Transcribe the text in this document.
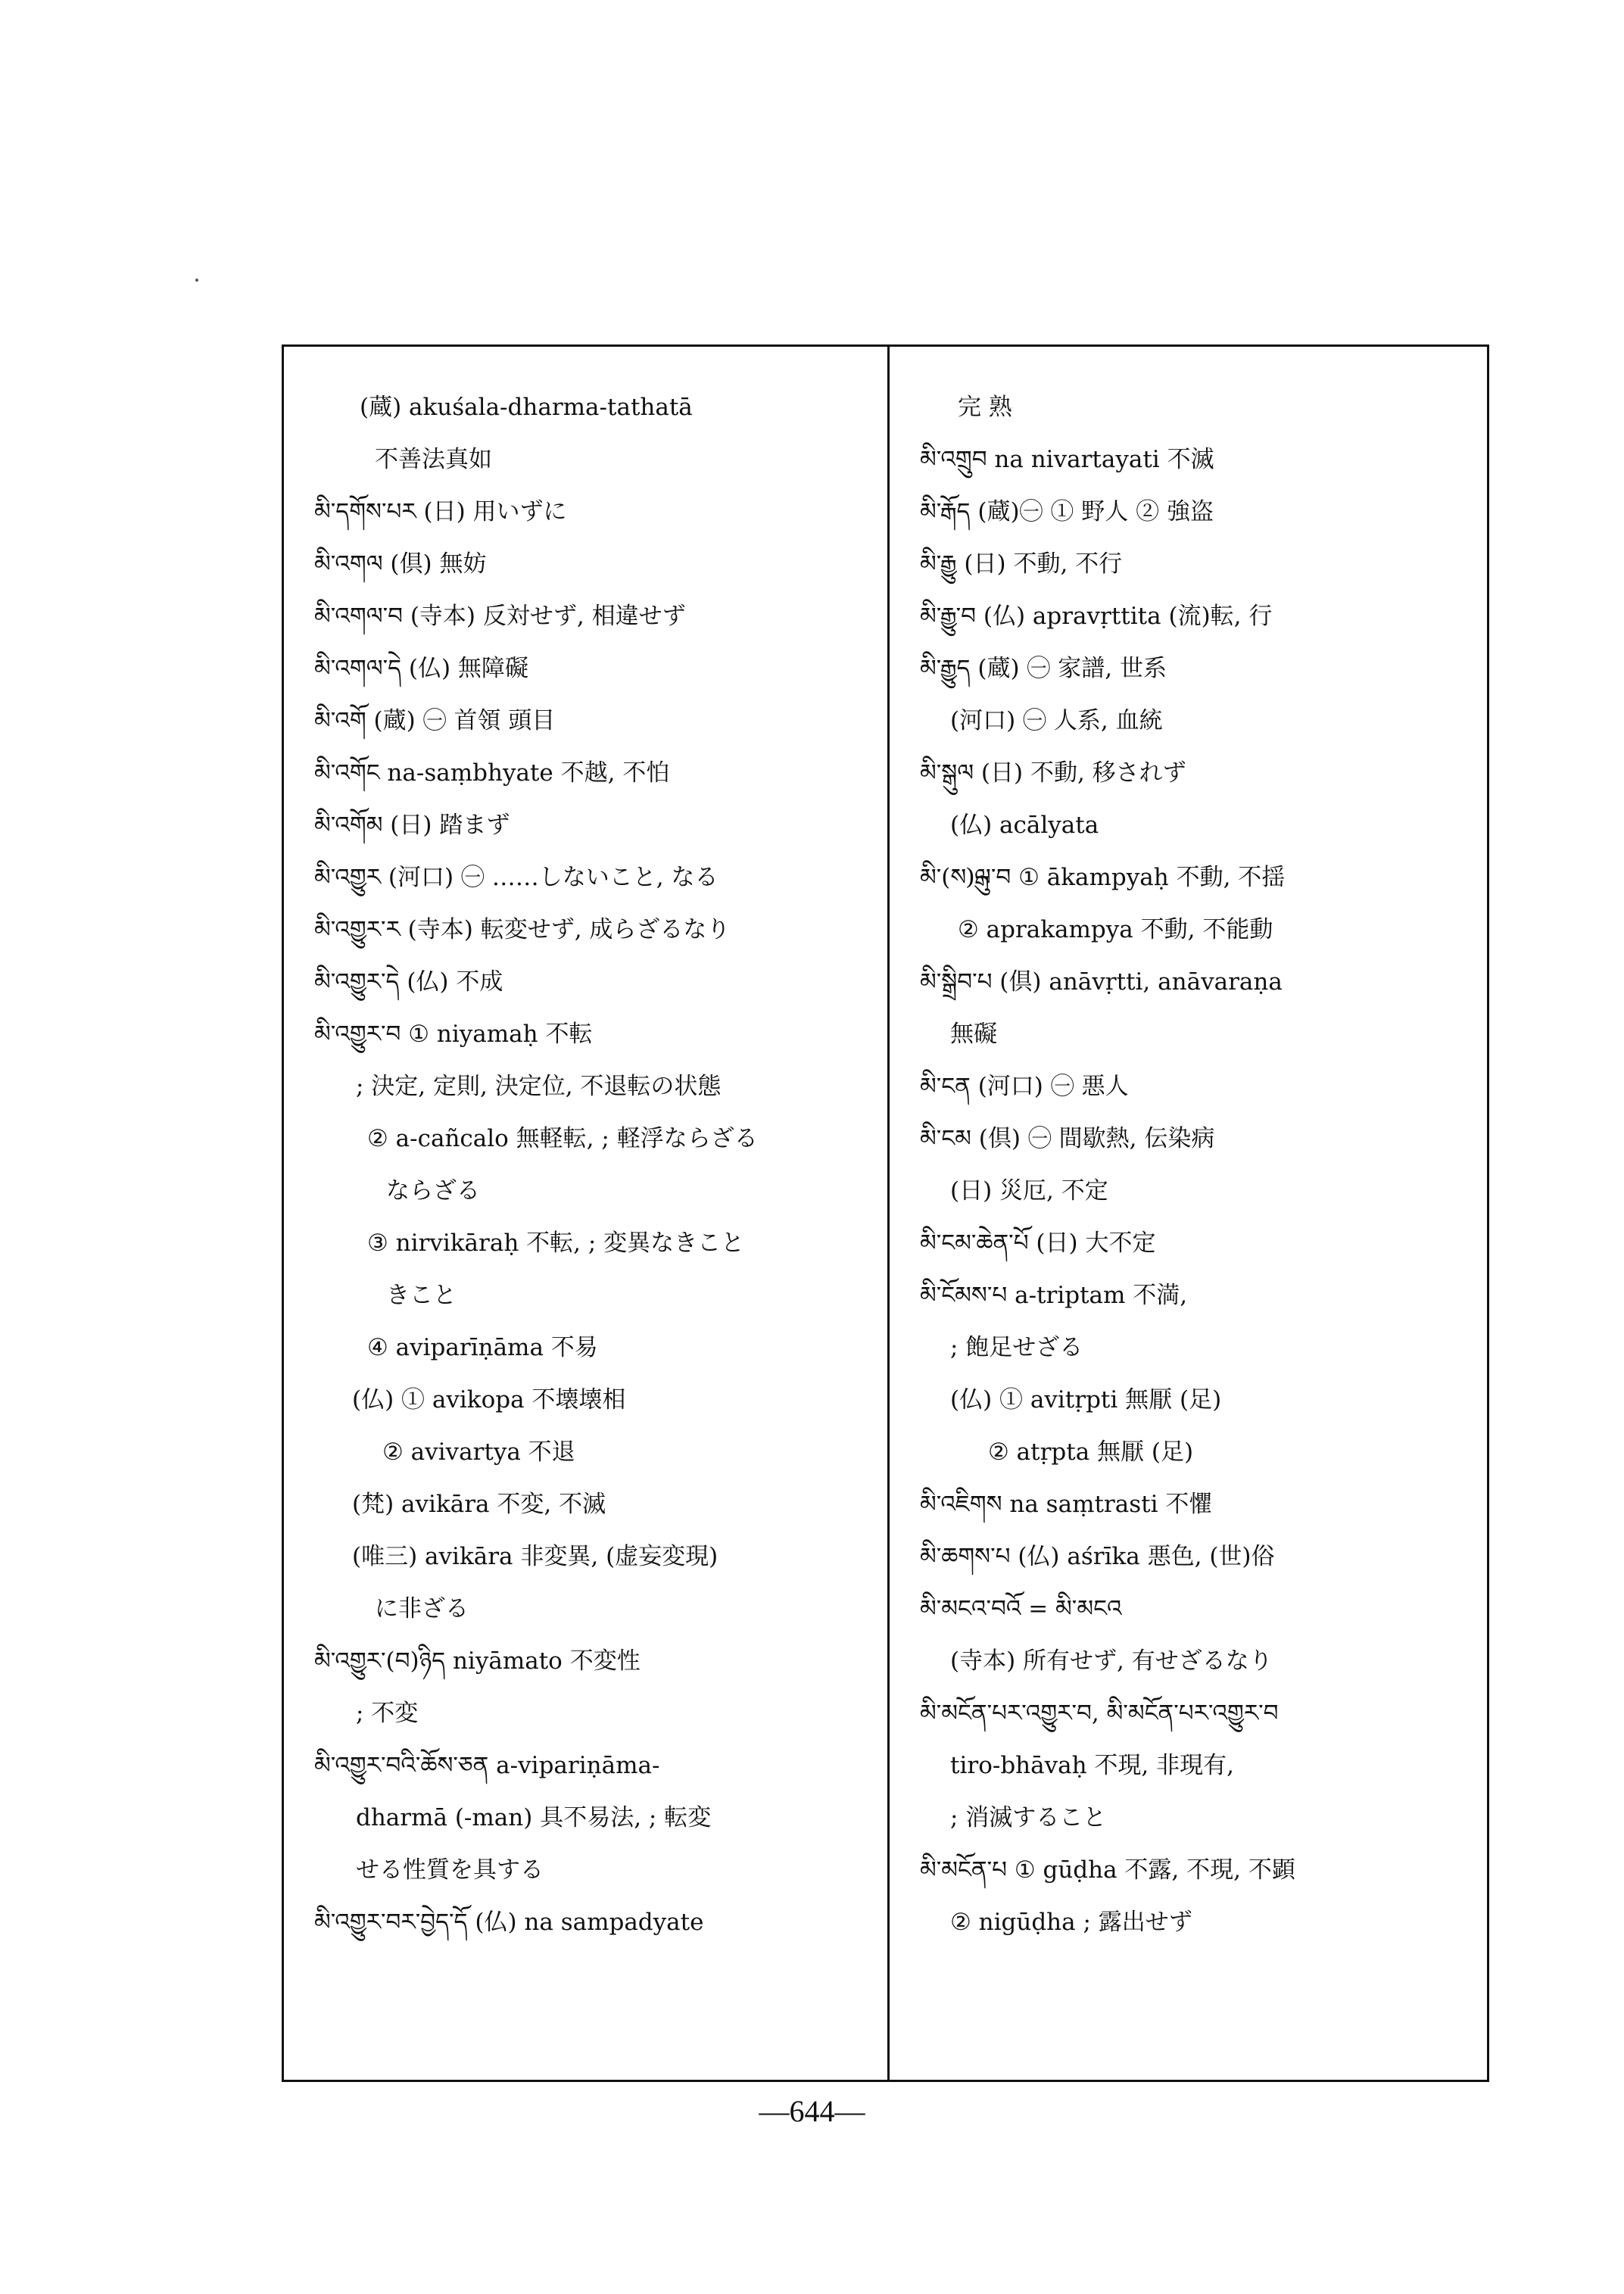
(蔵) akuśala-dharma-tathatā
不善法真如
མི་དགོས་པར (日) 用いずに
མི་འགལ (倶) 無妨
མི་འགལ་བ (寺本) 反対せず, 相違せず
མི་འགལ་དེ (仏) 無障礙
མི་འགོ (蔵) ㊀ 首領 頭目
མི་འགོང na-saṃbhyate 不越, 不怕
མི་འགོམ (日) 踏まず
མི་འགྱུར (河口) ㊀ ……しないこと, なる
མི་འགྱུར་ར (寺本) 転変せず, 成らざるなり
མི་འགྱུར་དེ (仏) 不成
མི་འགྱུར་བ ① niyamaḥ 不転
; 決定, 定則, 決定位, 不退転の状態
② a-cañcalo 無軽転, ; 軽浮ならざる
ならざる
③ nirvikāraḥ 不転, ; 変異なきこと
きこと
④ aviparīṇāma 不易
(仏) ① avikopa 不壊壊相
② avivartya 不退
(梵) avikāra 不変, 不滅
(唯三) avikāra 非変異, (虚妄変現)
に非ざる
མི་འགྱུར་(བ)ཉིད niyāmato 不変性
; 不変
མི་འགྱུར་བའི་ཆོས་ཅན a-vipariṇāma-
dharmā (-man) 具不易法, ; 転変
せる性質を具する
མི་འགྱུར་བར་བྱེད་དོ (仏) na sampadyate
完 熟
མི་འགྲུབ na nivartayati 不滅
མི་རྒོད (蔵)㊀ ① 野人 ② 強盗
མི་རྒྱུ (日) 不動, 不行
མི་རྒྱུ་བ (仏) apravṛttita (流)転, 行
མི་རྒྱུད (蔵) ㊀ 家譜, 世系
(河口) ㊀ 人系, 血統
མི་སྒུལ (日) 不動, 移されず
(仏) acālyata
མི་(ས)ྒུལ་བ ① ākampyaḥ 不動, 不揺
② aprakampya 不動, 不能動
མི་སྒྲིབ་པ (倶) anāvṛtti, anāvaraṇa
無礙
མི་ངན (河口) ㊀ 悪人
མི་ངམ (倶) ㊀ 間歇熱, 伝染病
(日) 災厄, 不定
མི་ངམ་ཆེན་པོ (日) 大不定
མི་ངོམས་པ a-triptam 不満,
; 飽足せざる
(仏) ① avitṛpti 無厭 (足)
② atṛpta 無厭 (足)
མི་འཇིགས na saṃtrasti 不懼
མི་ཆགས་པ (仏) aśrīka 悪色, (世)俗
མི་མངའ་བའོ = མི་མངའ
(寺本) 所有せず, 有せざるなり
མི་མངོན་པར་འགྱུར་བ, མི་མངོན་པར་འགྱུར་བ
tiro-bhāvaḥ 不現, 非現有,
; 消滅すること
མི་མངོན་པ ① gūḍha 不露, 不現, 不顕
② nigūḍha ; 露出せず
—644—
